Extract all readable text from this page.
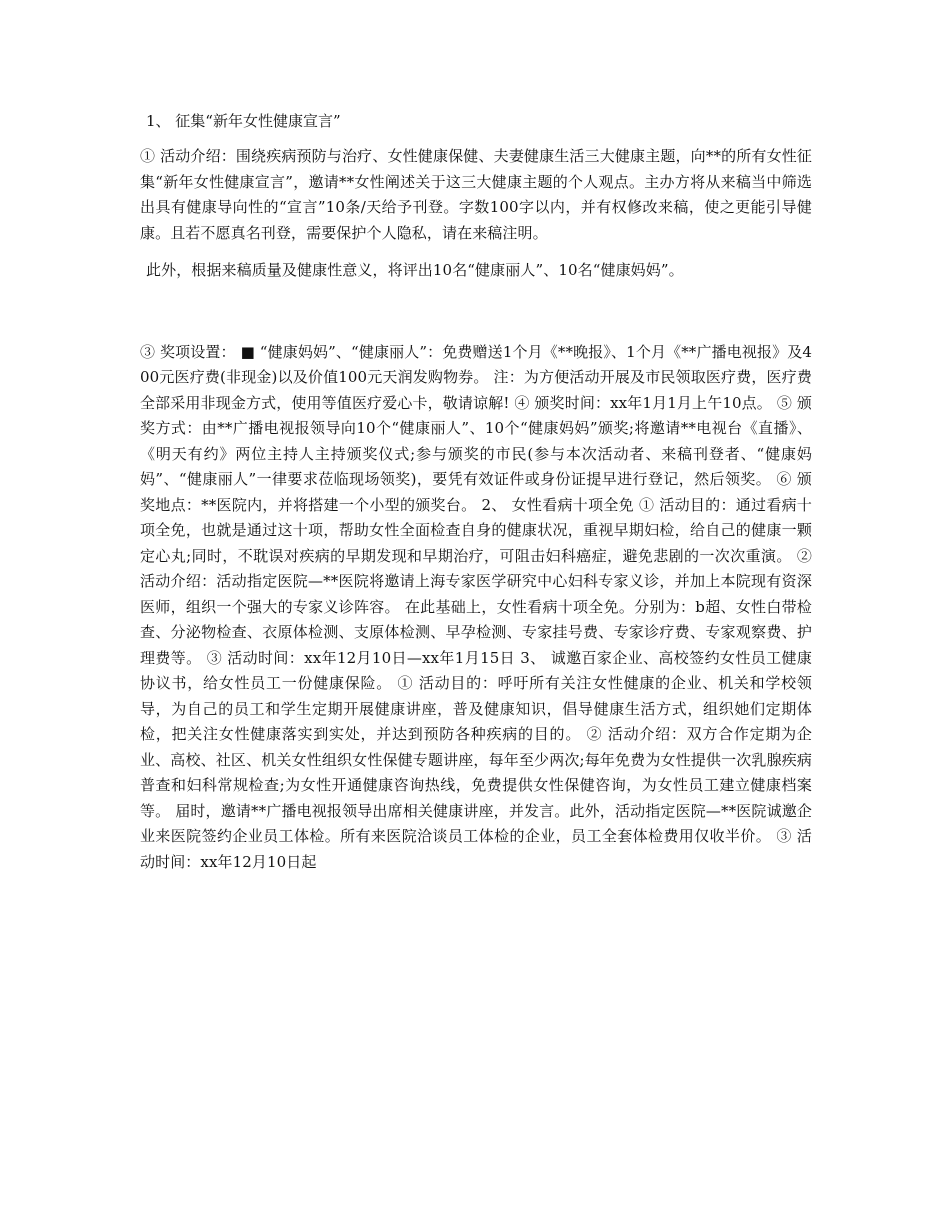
1、 征集“新年女性健康宣言”

① 活动介绍：围绕疾病预防与治疗、女性健康保健、夫妻健康生活三大健康主题，向**的所有女性征集“新年女性健康宣言”，邀请**女性阐述关于这三大健康主题的个人观点。主办方将从来稿当中筛选出具有健康导向性的“宣言”10条/天给予刊登。字数100字以内，并有权修改来稿，使之更能引导健康。且若不愿真名刊登，需要保护个人隐私，请在来稿注明。

此外，根据来稿质量及健康性意义，将评出10名“健康丽人”、10名“健康妈妈”。

③ 奖项设置： ■ “健康妈妈”、“健康丽人”：免费赠送1个月《**晚报》、1个月《**广播电视报》及400元医疗费(非现金)以及价值100元天润发购物券。 注：为方便活动开展及市民领取医疗费，医疗费全部采用非现金方式，使用等值医疗爱心卡，敬请谅解! ④ 颁奖时间：xx年1月1月上午10点。 ⑤ 颁奖方式：由**广播电视报领导向10个“健康丽人”、10个“健康妈妈”颁奖;将邀请**电视台《直播》、《明天有约》两位主持人主持颁奖仪式;参与颁奖的市民(参与本次活动者、来稿刊登者、“健康妈妈”、“健康丽人”一律要求莅临现场领奖)，要凭有效证件或身份证提早进行登记，然后领奖。 ⑥ 颁奖地点：**医院内，并将搭建一个小型的颁奖台。 2、 女性看病十项全免 ① 活动目的：通过看病十项全免，也就是通过这十项，帮助女性全面检查自身的健康状况，重视早期妇检，给自己的健康一颗定心丸;同时，不耽误对疾病的早期发现和早期治疗，可阻击妇科癌症，避免悲剧的一次次重演。 ② 活动介绍：活动指定医院—**医院将邀请上海专家医学研究中心妇科专家义诊，并加上本院现有资深医师，组织一个强大的专家义诊阵容。 在此基础上，女性看病十项全免。分别为：b超、女性白带检查、分泌物检查、衣原体检测、支原体检测、早孕检测、专家挂号费、专家诊疗费、专家观察费、护理费等。 ③ 活动时间：xx年12月10日—xx年1月15日 3、 诚邀百家企业、高校签约女性员工健康协议书，给女性员工一份健康保险。 ① 活动目的：呼吁所有关注女性健康的企业、机关和学校领导，为自己的员工和学生定期开展健康讲座，普及健康知识，倡导健康生活方式，组织她们定期体检，把关注女性健康落实到实处，并达到预防各种疾病的目的。 ② 活动介绍：双方合作定期为企业、高校、社区、机关女性组织女性保健专题讲座，每年至少两次;每年免费为女性提供一次乳腺疾病普查和妇科常规检查;为女性开通健康咨询热线，免费提供女性保健咨询，为女性员工建立健康档案等。 届时，邀请**广播电视报领导出席相关健康讲座，并发言。此外，活动指定医院—**医院诚邀企业来医院签约企业员工体检。所有来医院洽谈员工体检的企业，员工全套体检费用仅收半价。 ③ 活动时间：xx年12月10日起
